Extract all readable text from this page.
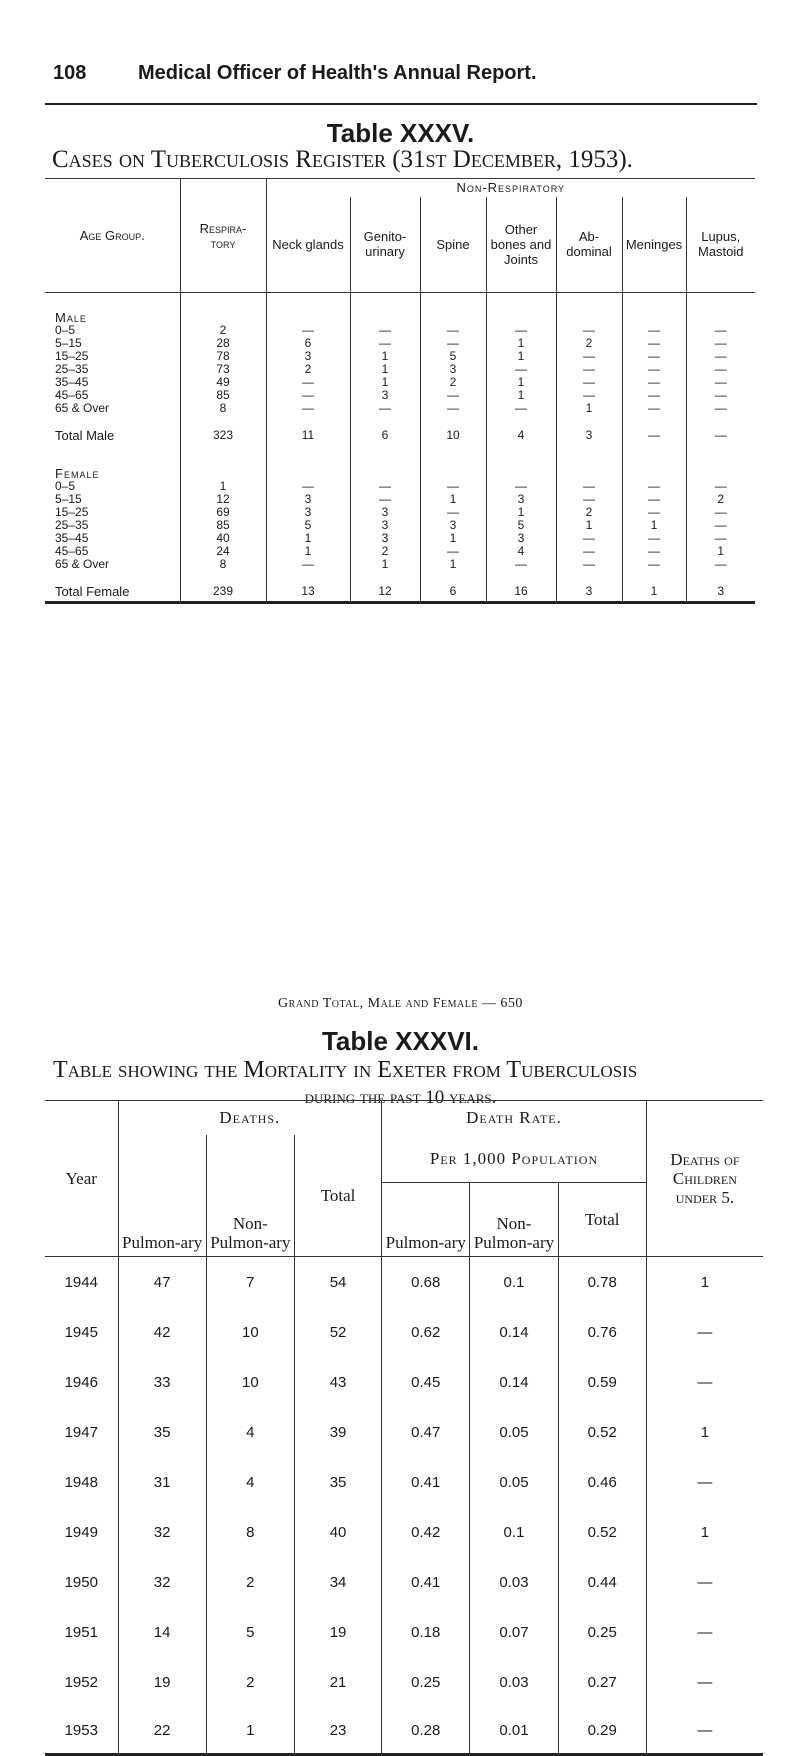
108	Medical Officer of Health's Annual Report.
Table XXXV.
Cases on Tuberculosis Register (31st December, 1953).
Age Group.	Respira-tory	Non-Respiratory						
		Neck glands	Genito-urinary	Spine	Other bones and Joints	Ab-dominal	Meninges	Lupus, Mastoid

Male								
0–5	2	—	—	—	—	—	—	—
5–15	28	6	—	—	1	2	—	—
15–25	78	3	1	5	1	—	—	—
25–35	73	2	1	3	—	—	—	—
35–45	49	—	1	2	1	—	—	—
45–65	85	—	3	—	1	—	—	—
65 & Over	8	—	—	—	—	1	—	—

Total Male	323	11	6	10	4	3	—	—

Female								
0–5	1	—	—	—	—	—	—	—
5–15	12	3	—	1	3	—	—	2
15–25	69	3	3	—	1	2	—	—
25–35	85	5	3	3	5	1	1	—
35–45	40	1	3	1	3	—	—	—
45–65	24	1	2	—	4	—	—	1
65 & Over	8	—	1	1	—	—	—	—

Total Female	239	13	12	6	16	3	1	3
Grand Total, Male and Female — 650
Table XXXVI.
Table showing the Mortality in Exeter from Tuberculosis
during the past 10 years.
Year	Deaths.			Death Rate.			Deaths of Children under 5.
	Pulmon-ary	Non-Pulmon-ary	Total	Per 1,000 Population			
				Pulmon-ary	Non-Pulmon-ary	Total	
1944	47	7	54	0.68	0.1	0.78	1
1945	42	10	52	0.62	0.14	0.76	—
1946	33	10	43	0.45	0.14	0.59	—
1947	35	4	39	0.47	0.05	0.52	1
1948	31	4	35	0.41	0.05	0.46	—
1949	32	8	40	0.42	0.1	0.52	1
1950	32	2	34	0.41	0.03	0.44	—
1951	14	5	19	0.18	0.07	0.25	—
1952	19	2	21	0.25	0.03	0.27	—
1953	22	1	23	0.28	0.01	0.29	—
